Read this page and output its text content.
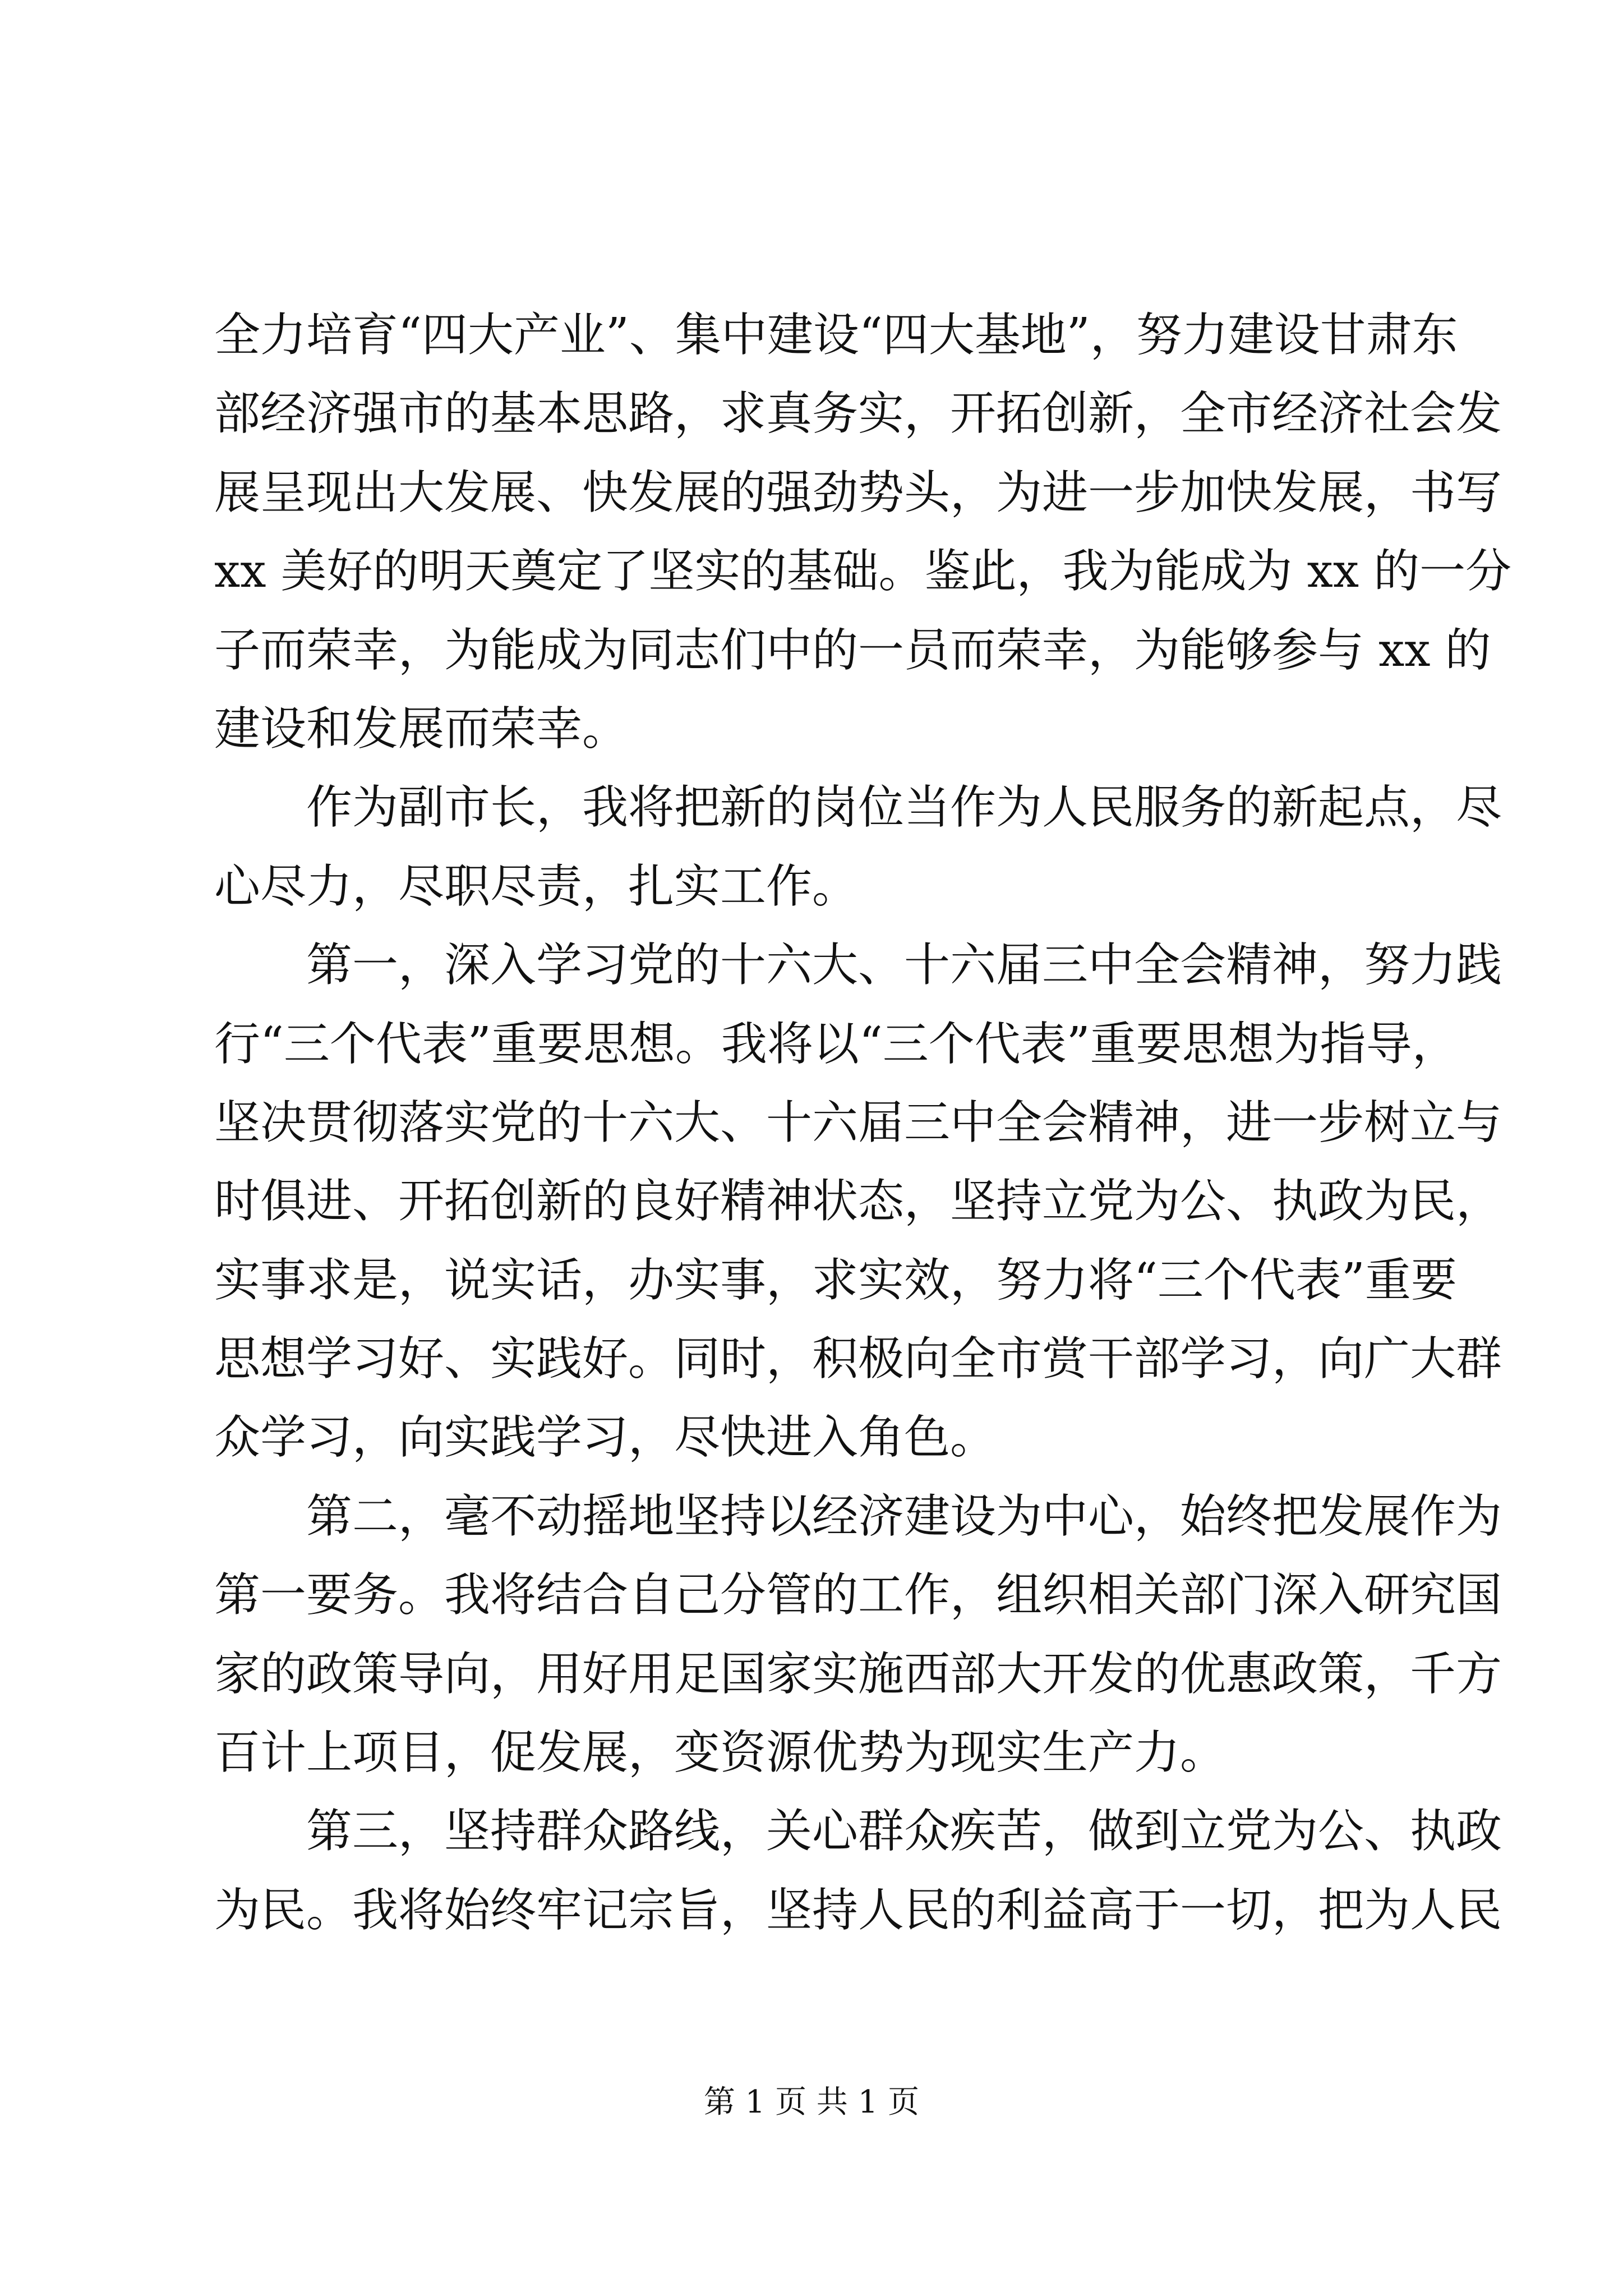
全力培育“四大产业”、集中建设“四大基地”，努力建设甘肃东
部经济强市的基本思路，求真务实，开拓创新，全市经济社会发
展呈现出大发展、快发展的强劲势头，为进一步加快发展，书写
xx 美好的明天奠定了坚实的基础。鉴此，我为能成为 xx 的一分
子而荣幸，为能成为同志们中的一员而荣幸，为能够参与 xx 的
建设和发展而荣幸。
作为副市长，我将把新的岗位当作为人民服务的新起点，尽
心尽力，尽职尽责，扎实工作。
第一，深入学习党的十六大、十六届三中全会精神，努力践
行“三个代表”重要思想。我将以“三个代表”重要思想为指导，
坚决贯彻落实党的十六大、十六届三中全会精神，进一步树立与
时俱进、开拓创新的良好精神状态，坚持立党为公、执政为民，
实事求是，说实话，办实事，求实效，努力将“三个代表”重要
思想学习好、实践好。同时，积极向全市赏干部学习，向广大群
众学习，向实践学习，尽快进入角色。
第二，毫不动摇地坚持以经济建设为中心，始终把发展作为
第一要务。我将结合自己分管的工作，组织相关部门深入研究国
家的政策导向，用好用足国家实施西部大开发的优惠政策，千方
百计上项目，促发展，变资源优势为现实生产力。
第三，坚持群众路线，关心群众疾苦，做到立党为公、执政
为民。我将始终牢记宗旨，坚持人民的利益高于一切，把为人民
第 1 页 共 1 页
